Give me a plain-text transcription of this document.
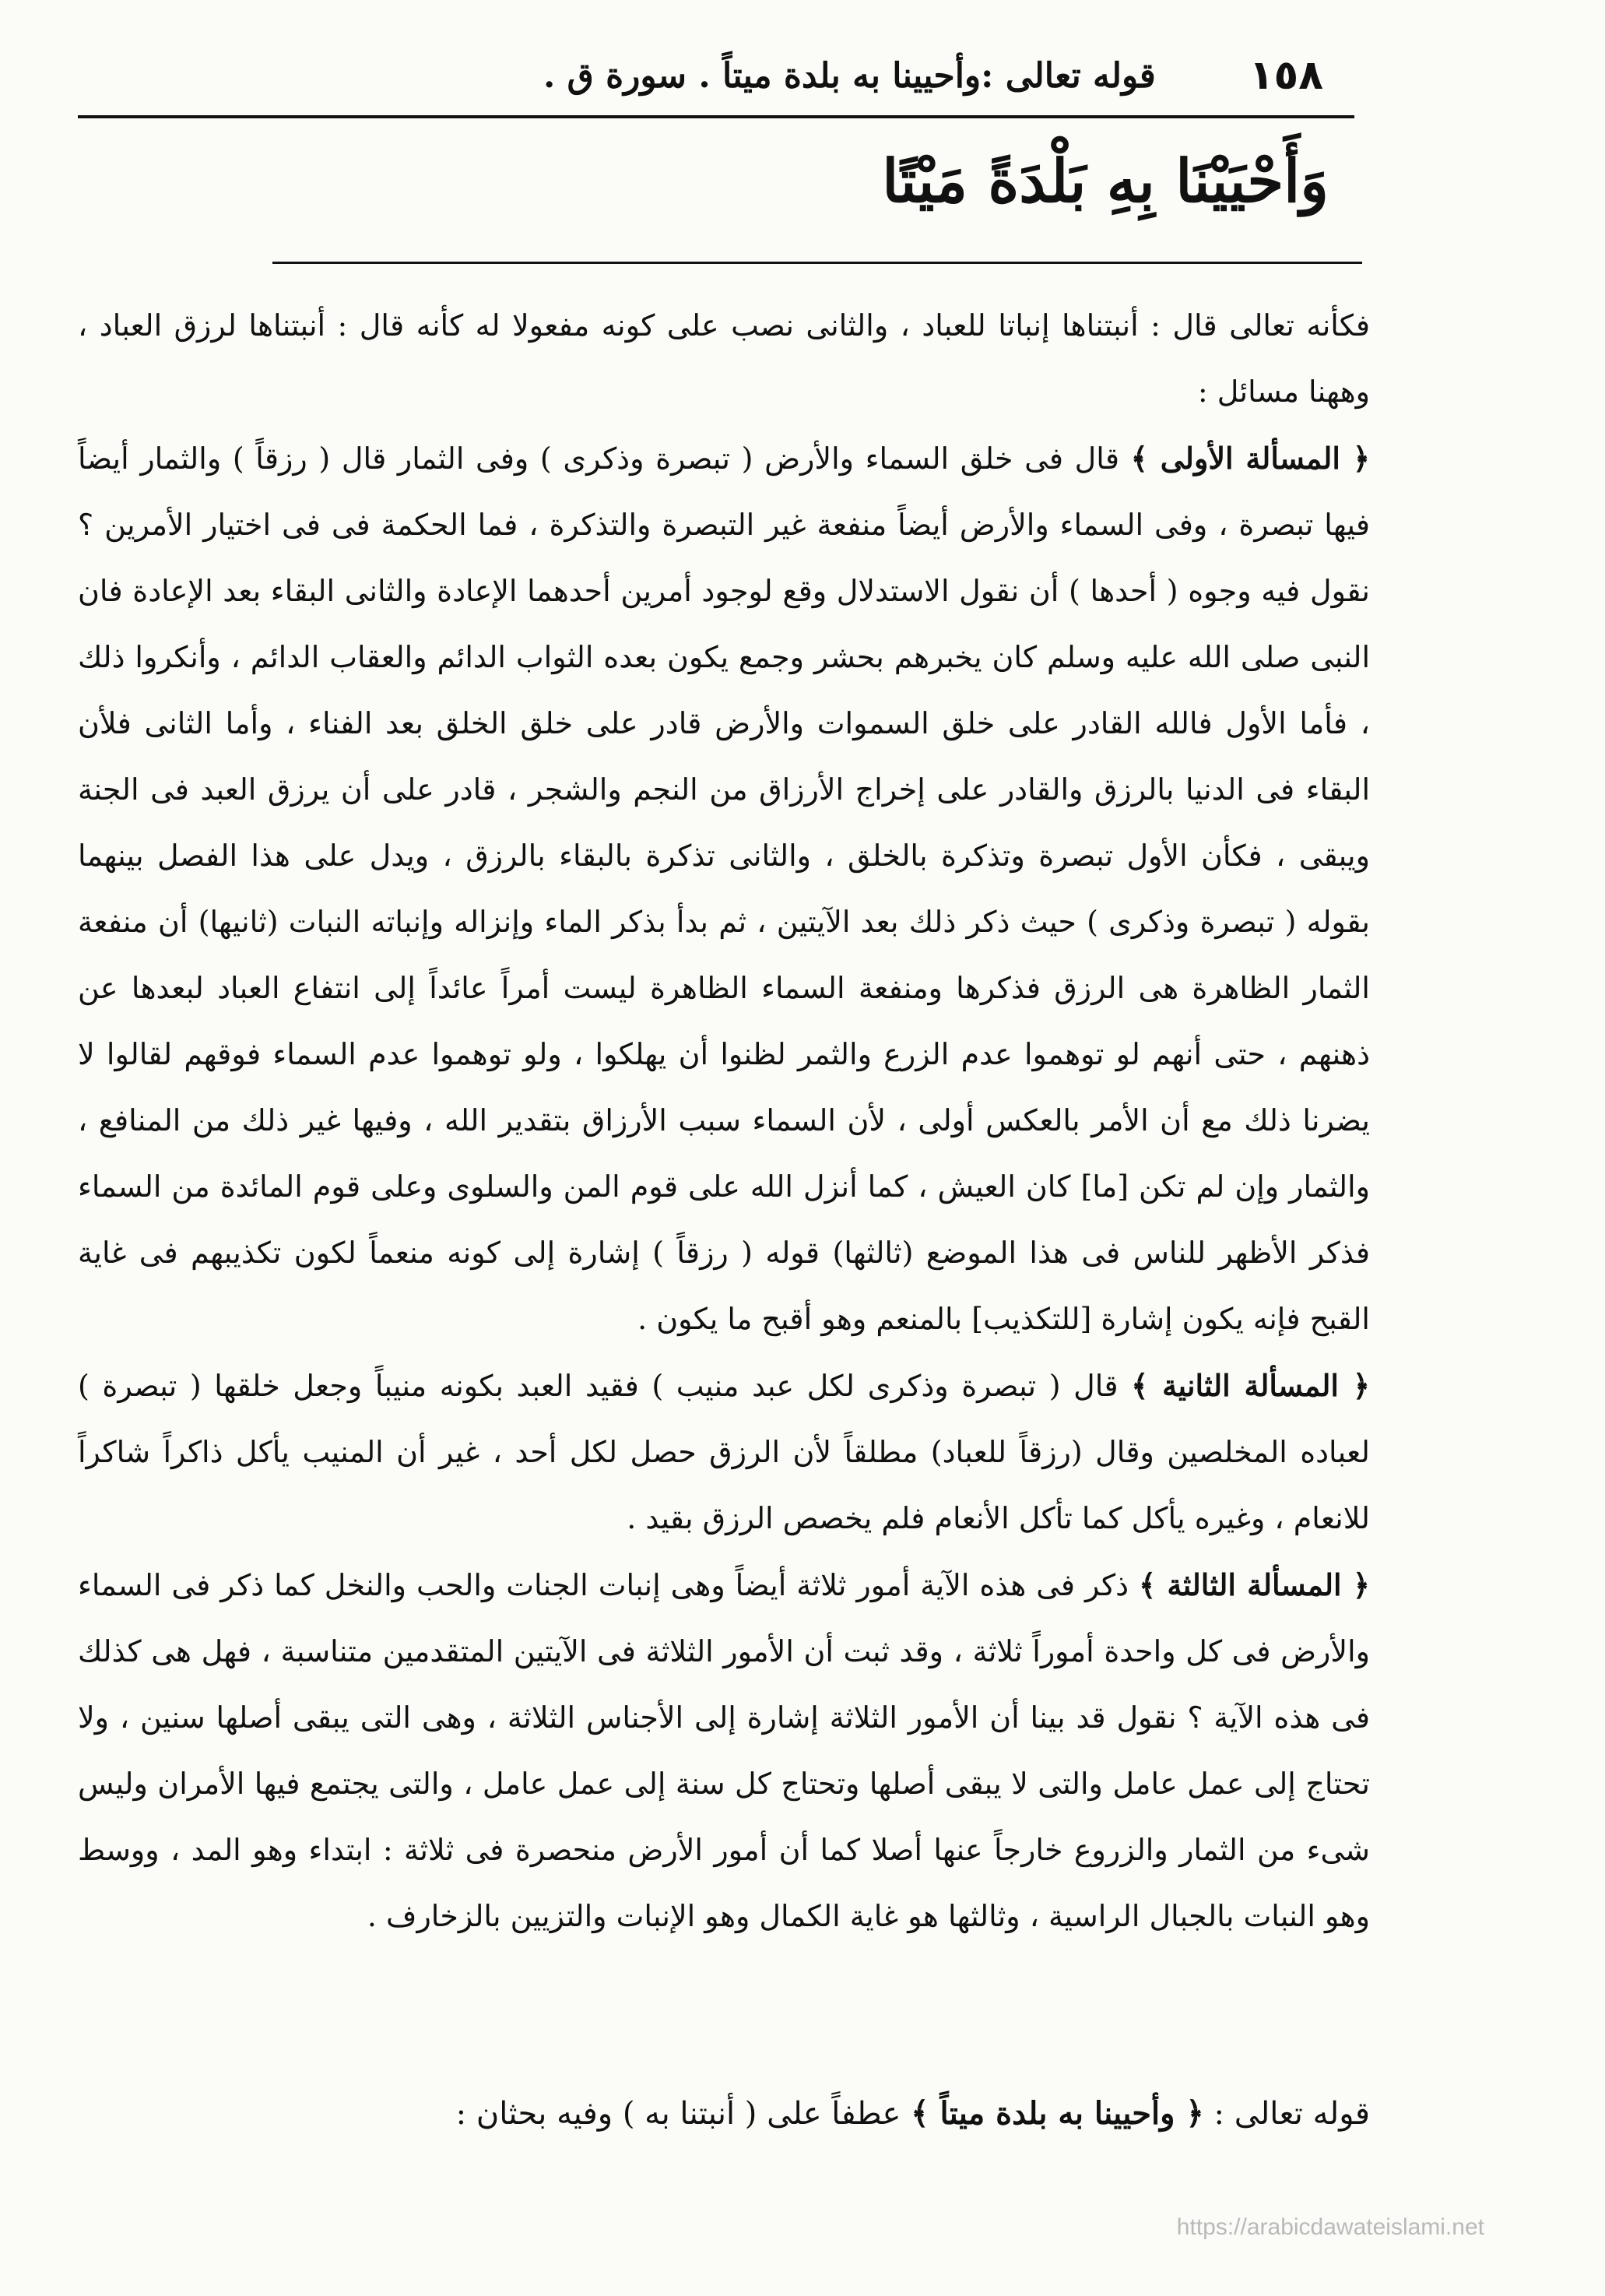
١٥٨
قوله تعالى :وأحيينا به بلدة ميتاً . سورة ق .
وَأَحْيَيْنَا بِهِ بَلْدَةً مَيْتًا

فكأنه تعالى قال : أنبتناها إنباتا للعباد ، والثانى نصب على كونه مفعولا له كأنه قال : أنبتناها لرزق العباد ، وههنا مسائل :

﴿ المسألة الأولى ﴾ قال فى خلق السماء والأرض ( تبصرة وذكرى ) وفى الثمار قال ( رزقاً ) والثمار أيضاً فيها تبصرة ، وفى السماء والأرض أيضاً منفعة غير التبصرة والتذكرة ، فما الحكمة فى فى اختيار الأمرين ؟ نقول فيه وجوه ( أحدها ) أن نقول الاستدلال وقع لوجود أمرين أحدهما الإعادة والثانى البقاء بعد الإعادة فان النبى صلى الله عليه وسلم كان يخبرهم بحشر وجمع يكون بعده الثواب الدائم والعقاب الدائم ، وأنكروا ذلك ، فأما الأول فالله القادر على خلق السموات والأرض قادر على خلق الخلق بعد الفناء ، وأما الثانى فلأن البقاء فى الدنيا بالرزق والقادر على إخراج الأرزاق من النجم والشجر ، قادر على أن يرزق العبد فى الجنة ويبقى ، فكأن الأول تبصرة وتذكرة بالخلق ، والثانى تذكرة بالبقاء بالرزق ، ويدل على هذا الفصل بينهما بقوله ( تبصرة وذكرى ) حيث ذكر ذلك بعد الآيتين ، ثم بدأ بذكر الماء وإنزاله وإنباته النبات (ثانيها) أن منفعة الثمار الظاهرة هى الرزق فذكرها ومنفعة السماء الظاهرة ليست أمراً عائداً إلى انتفاع العباد لبعدها عن ذهنهم ، حتى أنهم لو توهموا عدم الزرع والثمر لظنوا أن يهلكوا ، ولو توهموا عدم السماء فوقهم لقالوا لا يضرنا ذلك مع أن الأمر بالعكس أولى ، لأن السماء سبب الأرزاق بتقدير الله ، وفيها غير ذلك من المنافع ، والثمار وإن لم تكن [ما] كان العيش ، كما أنزل الله على قوم المن والسلوى وعلى قوم المائدة من السماء فذكر الأظهر للناس فى هذا الموضع (ثالثها) قوله ( رزقاً ) إشارة إلى كونه منعماً لكون تكذيبهم فى غاية القبح فإنه يكون إشارة [للتكذيب] بالمنعم وهو أقبح ما يكون .

﴿ المسألة الثانية ﴾ قال ( تبصرة وذكرى لكل عبد منيب ) فقيد العبد بكونه منيباً وجعل خلقها ( تبصرة ) لعباده المخلصين وقال (رزقاً للعباد) مطلقاً لأن الرزق حصل لكل أحد ، غير أن المنيب يأكل ذاكراً شاكراً للانعام ، وغيره يأكل كما تأكل الأنعام فلم يخصص الرزق بقيد .

﴿ المسألة الثالثة ﴾ ذكر فى هذه الآية أمور ثلاثة أيضاً وهى إنبات الجنات والحب والنخل كما ذكر فى السماء والأرض فى كل واحدة أموراً ثلاثة ، وقد ثبت أن الأمور الثلاثة فى الآيتين المتقدمين متناسبة ، فهل هى كذلك فى هذه الآية ؟ نقول قد بينا أن الأمور الثلاثة إشارة إلى الأجناس الثلاثة ، وهى التى يبقى أصلها سنين ، ولا تحتاج إلى عمل عامل والتى لا يبقى أصلها وتحتاج كل سنة إلى عمل عامل ، والتى يجتمع فيها الأمران وليس شىء من الثمار والزروع خارجاً عنها أصلا كما أن أمور الأرض منحصرة فى ثلاثة : ابتداء وهو المد ، ووسط وهو النبات بالجبال الراسية ، وثالثها هو غاية الكمال وهو الإنبات والتزيين بالزخارف .

قوله تعالى : ﴿ وأحيينا به بلدة ميتاً ﴾ عطفاً على ( أنبتنا به ) وفيه بحثان :
https://arabicdawateislami.net
